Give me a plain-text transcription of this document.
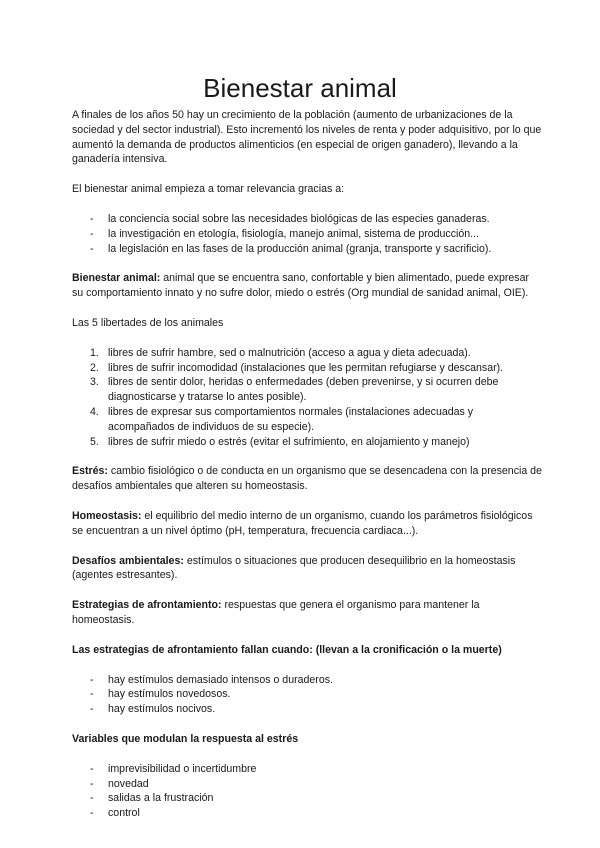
Bienestar animal

A finales de los años 50 hay un crecimiento de la población (aumento de urbanizaciones de la sociedad y del sector industrial). Esto incrementó los niveles de renta y poder adquisitivo, por lo que aumentó la demanda de productos alimenticios (en especial de origen ganadero), llevando a la ganadería intensiva.

El bienestar animal empieza a tomar relevancia gracias a:

- la conciencia social sobre las necesidades biológicas de las especies ganaderas.
- la investigación en etología, fisiología, manejo animal, sistema de producción...
- la legislación en las fases de la producción animal (granja, transporte y sacrificio).

Bienestar animal: animal que se encuentra sano, confortable y bien alimentado, puede expresar su comportamiento innato y no sufre dolor, miedo o estrés (Org mundial de sanidad animal, OIE).

Las 5 libertades de los animales

1. libres de sufrir hambre, sed o malnutrición (acceso a agua y dieta adecuada).
2. libres de sufrir incomodidad (instalaciones que les permitan refugiarse y descansar).
3. libres de sentir dolor, heridas o enfermedades (deben prevenirse, y si ocurren debe diagnosticarse y tratarse lo antes posible).
4. libres de expresar sus comportamientos normales (instalaciones adecuadas y acompañados de individuos de su especie).
5. libres de sufrir miedo o estrés (evitar el sufrimiento, en alojamiento y manejo)

Estrés: cambio fisiológico o de conducta en un organismo que se desencadena con la presencia de desafíos ambientales que alteren su homeostasis.

Homeostasis: el equilibrio del medio interno de un organismo, cuando los parámetros fisiológicos se encuentran a un nivel óptimo (pH, temperatura, frecuencia cardiaca...).

Desafíos ambientales: estímulos o situaciones que producen desequilibrio en la homeostasis (agentes estresantes).

Estrategias de afrontamiento: respuestas que genera el organismo para mantener la homeostasis.

Las estrategias de afrontamiento fallan cuando: (llevan a la cronificación o la muerte)

- hay estímulos demasiado intensos o duraderos.
- hay estímulos novedosos.
- hay estímulos nocivos.

Variables que modulan la respuesta al estrés

- imprevisibilidad o incertidumbre
- novedad
- salidas a la frustración
- control
